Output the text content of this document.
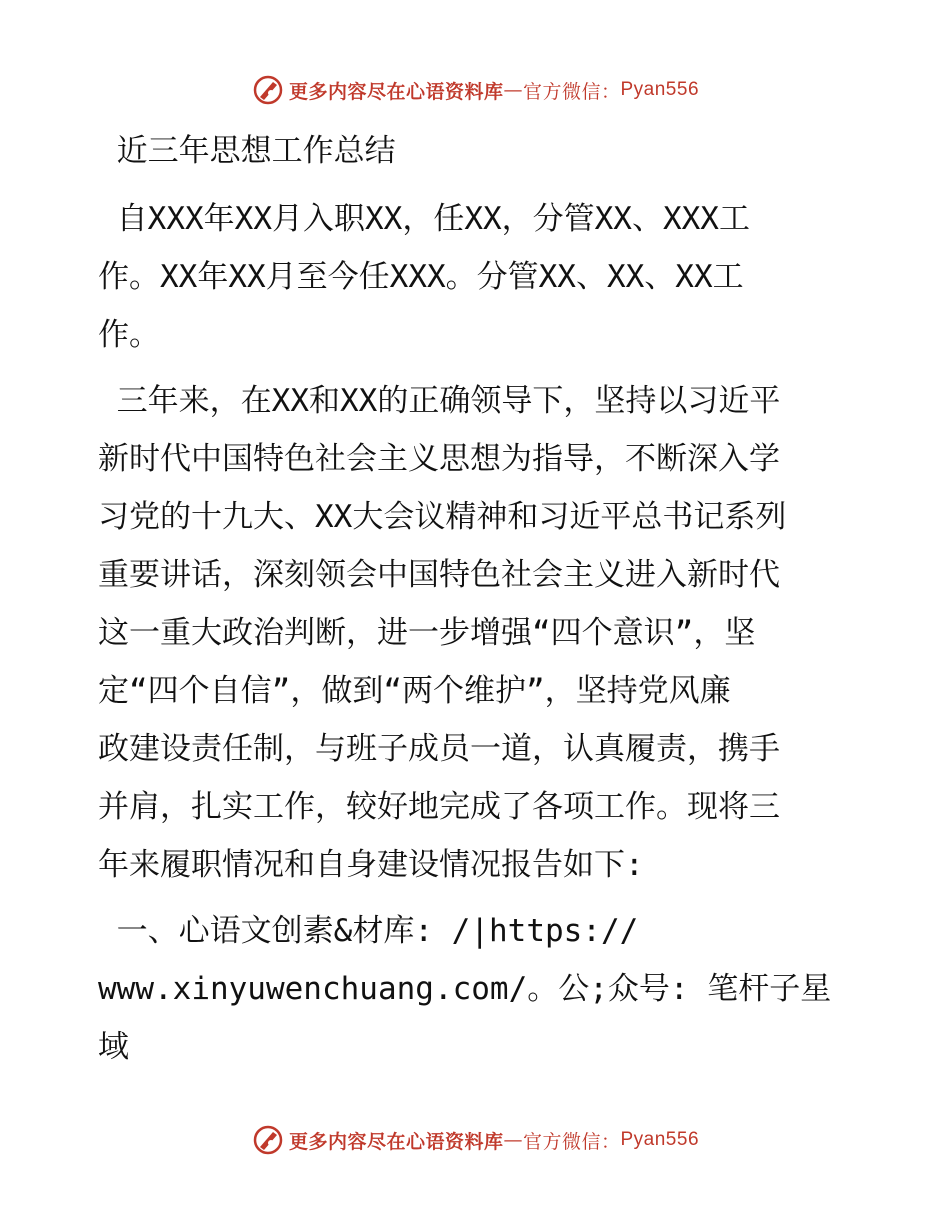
更多内容尽在心语资料库 — 官方微信： Pyan556

近三年思想工作总结

自XXX年XX月入职XX，任XX，分管XX、XXX工
作。XX年XX月至今任XXX。分管XX、XX、XX工
作。
三年来，在XX和XX的正确领导下，坚持以习近平
新时代中国特色社会主义思想为指导，不断深入学
习党的十九大、XX大会议精神和习近平总书记系列
重要讲话，深刻领会中国特色社会主义进入新时代
这一重大政治判断，进一步增强“四个意识”，坚
定“四个自信”，做到“两个维护”，坚持党风廉
政建设责任制，与班子成员一道，认真履责，携手
并肩，扎实工作，较好地完成了各项工作。现将三
年来履职情况和自身建设情况报告如下:
一、心语文创素&材库: /|https://
www.xinyuwenchuang.com/。公;众号: 笔杆子星域
更多内容尽在心语资料库 — 官方微信： Pyan556
